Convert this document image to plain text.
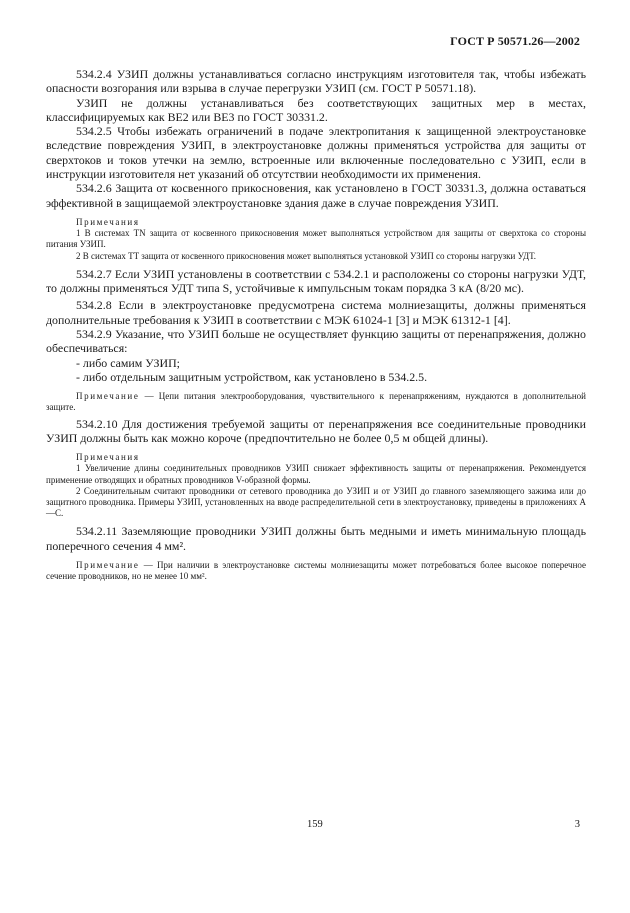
ГОСТ Р 50571.26—2002

534.2.4 УЗИП должны устанавливаться согласно инструкциям изготовителя так, чтобы избежать опасности возгорания или взрыва в случае перегрузки УЗИП (см. ГОСТ Р 50571.18).

УЗИП не должны устанавливаться без соответствующих защитных мер в местах, классифицируемых как ВЕ2 или ВЕ3 по ГОСТ 30331.2.

534.2.5 Чтобы избежать ограничений в подаче электропитания к защищенной электроустановке вследствие повреждения УЗИП, в электроустановке должны применяться устройства для защиты от сверхтоков и токов утечки на землю, встроенные или включенные последовательно с УЗИП, если в инструкции изготовителя нет указаний об отсутствии необходимости их применения.

534.2.6 Защита от косвенного прикосновения, как установлено в ГОСТ 30331.3, должна оставаться эффективной в защищаемой электроустановке здания даже в случае повреждения УЗИП.

Примечания

1 В системах TN защита от косвенного прикосновения может выполняться устройством для защиты от сверхтока со стороны питания УЗИП.

2 В системах TT защита от косвенного прикосновения может выполняться установкой УЗИП со стороны нагрузки УДТ.

534.2.7 Если УЗИП установлены в соответствии с 534.2.1 и расположены со стороны нагрузки УДТ, то должны применяться УДТ типа S, устойчивые к импульсным токам порядка 3 кА (8/20 мс).

534.2.8 Если в электроустановке предусмотрена система молниезащиты, должны применяться дополнительные требования к УЗИП в соответствии с МЭК 61024-1 [3] и МЭК 61312-1 [4].

534.2.9 Указание, что УЗИП больше не осуществляет функцию защиты от перенапряжения, должно обеспечиваться:

- либо самим УЗИП;

- либо отдельным защитным устройством, как установлено в 534.2.5.

Примечание — Цепи питания электрооборудования, чувствительного к перенапряжениям, нуждаются в дополнительной защите.

534.2.10 Для достижения требуемой защиты от перенапряжения все соединительные проводники УЗИП должны быть как можно короче (предпочтительно не более 0,5 м общей длины).

Примечания

1 Увеличение длины соединительных проводников УЗИП снижает эффективность защиты от перенапряжения. Рекомендуется применение отводящих и обратных проводников V-образной формы.

2 Соединительным считают проводники от сетевого проводника до УЗИП и от УЗИП до главного заземляющего зажима или до защитного проводника. Примеры УЗИП, установленных на вводе распределительной сети в электроустановку, приведены в приложениях А—С.

534.2.11 Заземляющие проводники УЗИП должны быть медными и иметь минимальную площадь поперечного сечения 4 мм².

Примечание — При наличии в электроустановке системы молниезащиты может потребоваться более высокое поперечное сечение проводников, но не менее 10 мм².

159	3
